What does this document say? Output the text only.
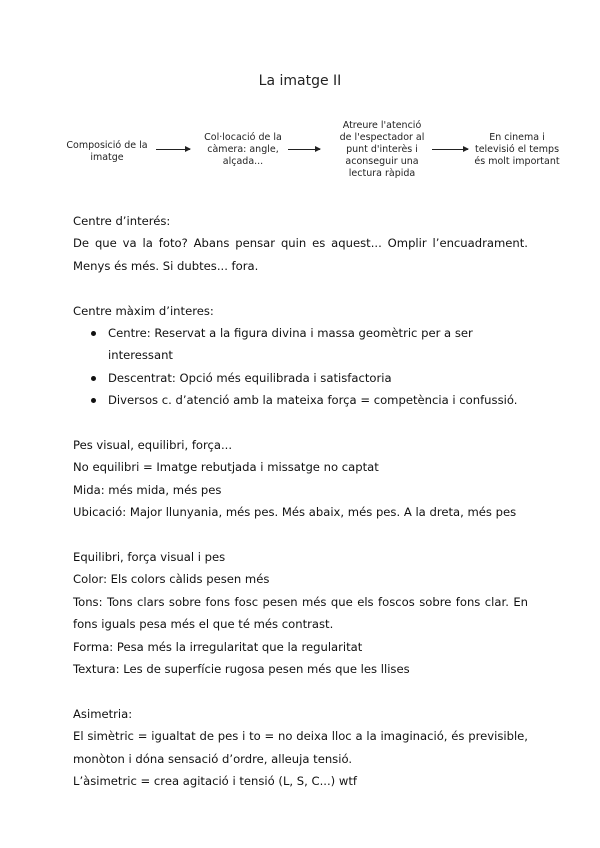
La imatge II
Composició de la imatge
Col·locació de la càmera: angle, alçada...
Atreure l'atenció de l'espectador al punt d'interès i aconseguir una lectura ràpida
En cinema i televisió el temps és molt important

Centre d’interés:

De que va la foto? Abans pensar quin es aquest... Omplir l’encuadrament. Menys és més. Si dubtes... fora.

Centre màxim d’interes:

Centre: Reservat a la figura divina i massa geomètric per a ser interessant
Descentrat: Opció més equilibrada i satisfactoria
Diversos c. d’atenció amb la mateixa força = competència i confussió.

Pes visual, equilibri, força...

No equilibri = Imatge rebutjada i missatge no captat

Mida: més mida, més pes

Ubicació: Major llunyania, més pes. Més abaix, més pes. A la dreta, més pes

Equilibri, força visual i pes

Color: Els colors càlids pesen més

Tons: Tons clars sobre fons fosc pesen més que els foscos sobre fons clar. En fons iguals pesa més el que té més contrast.

Forma: Pesa més la irregularitat que la regularitat

Textura: Les de superfície rugosa pesen més que les llises

Asimetria:

El simètric = igualtat de pes i to = no deixa lloc a la imaginació, és previsible, monòton i dóna sensació d’ordre, alleuja tensió.

L’àsimetric = crea agitació i tensió (L, S, C...) wtf
